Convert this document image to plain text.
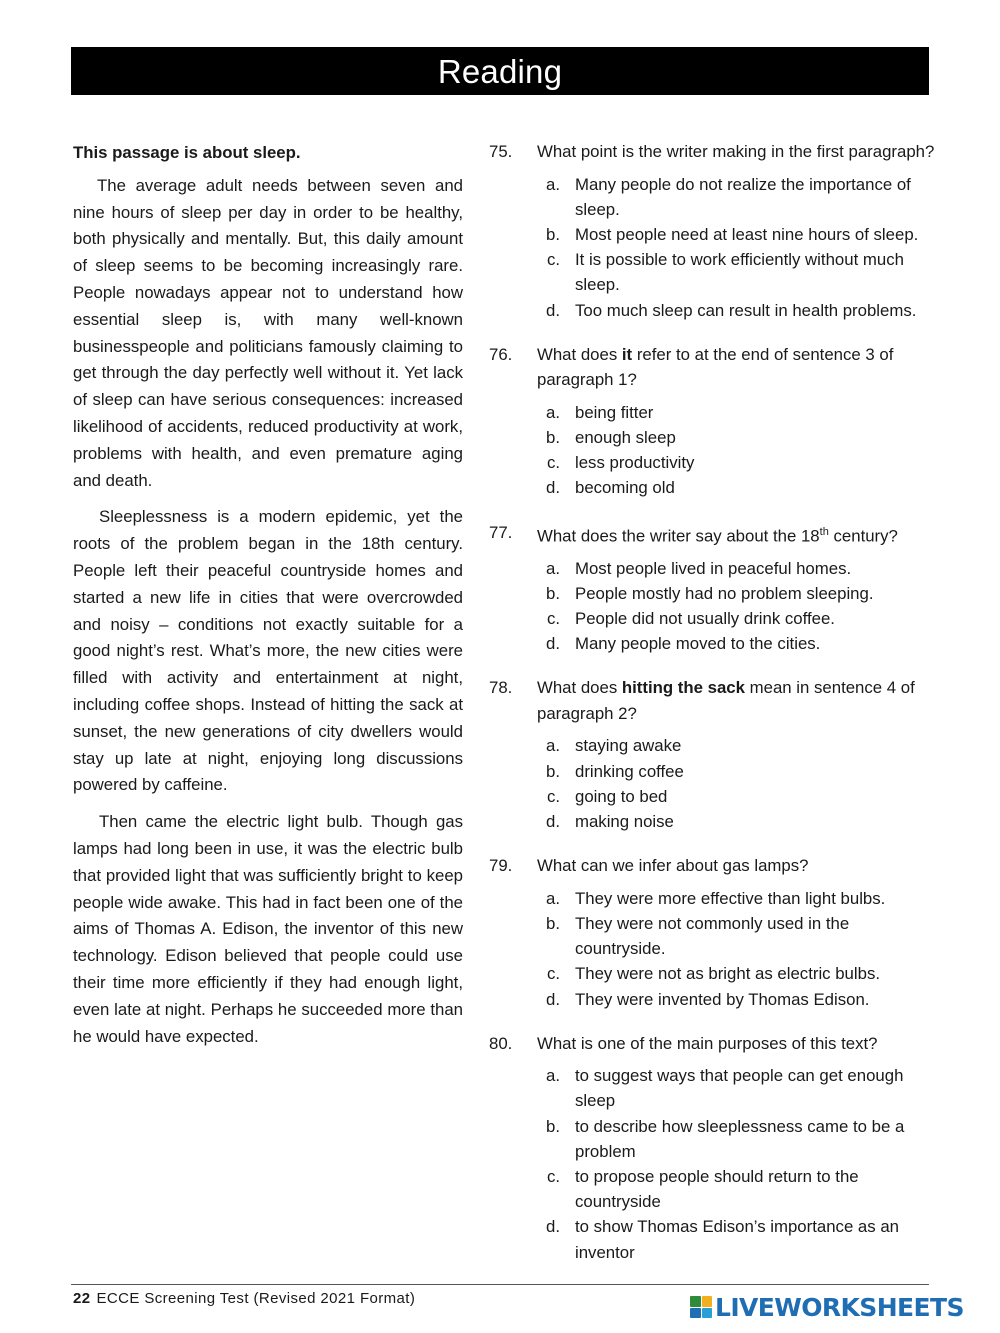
Reading

This passage is about sleep.

The average adult needs between seven and nine hours of sleep per day in order to be healthy, both physically and mentally. But, this daily amount of sleep seems to be becoming increasingly rare. People nowadays appear not to understand how essential sleep is, with many well-known businesspeople and politicians famously claiming to get through the day perfectly well without it. Yet lack of sleep can have serious consequences: increased likelihood of accidents, reduced productivity at work, problems with health, and even premature aging and death.

Sleeplessness is a modern epidemic, yet the roots of the problem began in the 18th century. People left their peaceful countryside homes and started a new life in cities that were overcrowded and noisy – conditions not exactly suitable for a good night’s rest. What’s more, the new cities were filled with activity and entertainment at night, including coffee shops. Instead of hitting the sack at sunset, the new generations of city dwellers would stay up late at night, enjoying long discussions powered by caffeine.

Then came the electric light bulb. Though gas lamps had long been in use, it was the electric bulb that provided light that was sufficiently bright to keep people wide awake. This had in fact been one of the aims of Thomas A. Edison, the inventor of this new technology. Edison believed that people could use their time more efficiently if they had enough light, even late at night. Perhaps he succeeded more than he would have expected.

75.	What point is the writer making in the first paragraph?
a. Many people do not realize the importance of sleep.
b. Most people need at least nine hours of sleep.
c. It is possible to work efficiently without much sleep.
d. Too much sleep can result in health problems.
76.	What does it refer to at the end of sentence 3 of paragraph 1?
a. being fitter
b. enough sleep
c. less productivity
d. becoming old
77.	What does the writer say about the 18th century?
a. Most people lived in peaceful homes.
b. People mostly had no problem sleeping.
c. People did not usually drink coffee.
d. Many people moved to the cities.
78.	What does hitting the sack mean in sentence 4 of paragraph 2?
a. staying awake
b. drinking coffee
c. going to bed
d. making noise
79.	What can we infer about gas lamps?
a. They were more effective than light bulbs.
b. They were not commonly used in the countryside.
c. They were not as bright as electric bulbs.
d. They were invented by Thomas Edison.
80.	What is one of the main purposes of this text?
a. to suggest ways that people can get enough sleep
b. to describe how sleeplessness came to be a problem
c. to propose people should return to the countryside
d. to show Thomas Edison’s importance as an inventor
22 ECCE Screening Test (Revised 2021 Format)	LIVEWORKSHEETS
